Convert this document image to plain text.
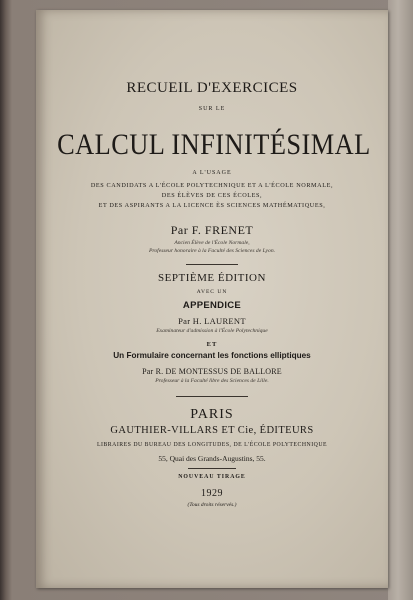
RECUEIL D'EXERCICES
SUR LE
CALCUL INFINITÉSIMAL
A L'USAGE
DES CANDIDATS A L'ÉCOLE POLYTECHNIQUE ET A L'ÉCOLE NORMALE,
DES ÉLÈVES DE CES ÉCOLES,
ET DES ASPIRANTS A LA LICENCE ÈS SCIENCES MATHÉMATIQUES,
Par F. FRENET
Ancien Élève de l'École Normale,
Professeur honoraire à la Faculté des Sciences de Lyon.
SEPTIÈME ÉDITION
AVEC UN
APPENDICE
Par H. LAURENT
Examinateur d'admission à l'École Polytechnique
ET
Un Formulaire concernant les fonctions elliptiques
Par R. DE MONTESSUS DE BALLORE
Professeur à la Faculté libre des Sciences de Lille.
PARIS
GAUTHIER-VILLARS ET Cie, ÉDITEURS
LIBRAIRES DU BUREAU DES LONGITUDES, DE L'ÉCOLE POLYTECHNIQUE
55, Quai des Grands-Augustins, 55.
NOUVEAU TIRAGE
1929
(Tous droits réservés.)
